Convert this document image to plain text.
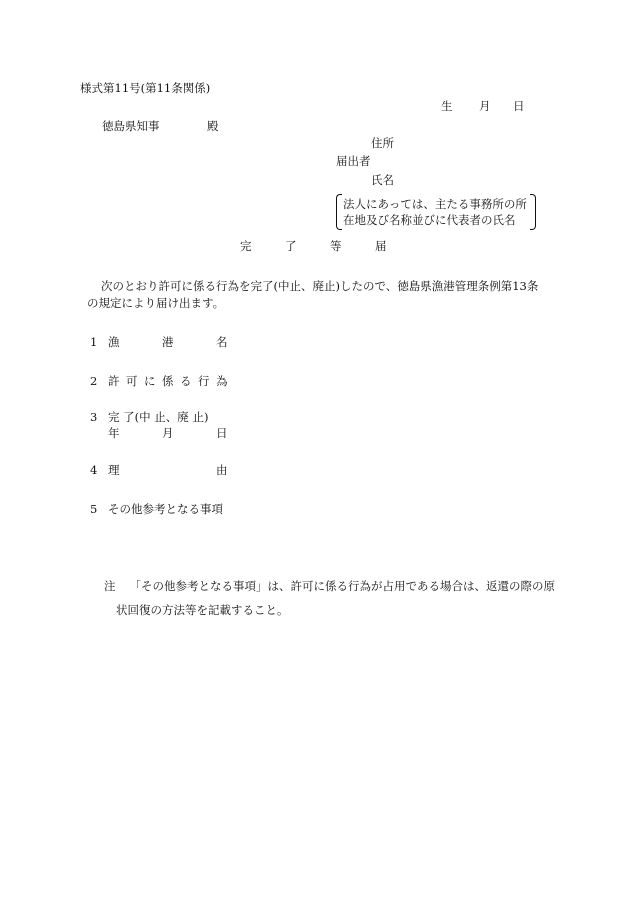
様式第11号(第11条関係)
生 月 日
徳島県知事	殿
住所
届出者
氏名
法人にあっては、主たる事務所の所
在地及び名称並びに代表者の氏名
完	了	等	届
次のとおり許可に係る行為を完了(中止、廃止)したので、徳島県漁港管理条例第13条
の規定により届け出ます。
1 漁	港	名
2 許 可 に 係 る 行 為
3 完 了(中 止、廃 止)
年	月	日
4 理	由
5 その他参考となる事項
注 「その他参考となる事項」は、許可に係る行為が占用である場合は、返還の際の原
状回復の方法等を記載すること。
